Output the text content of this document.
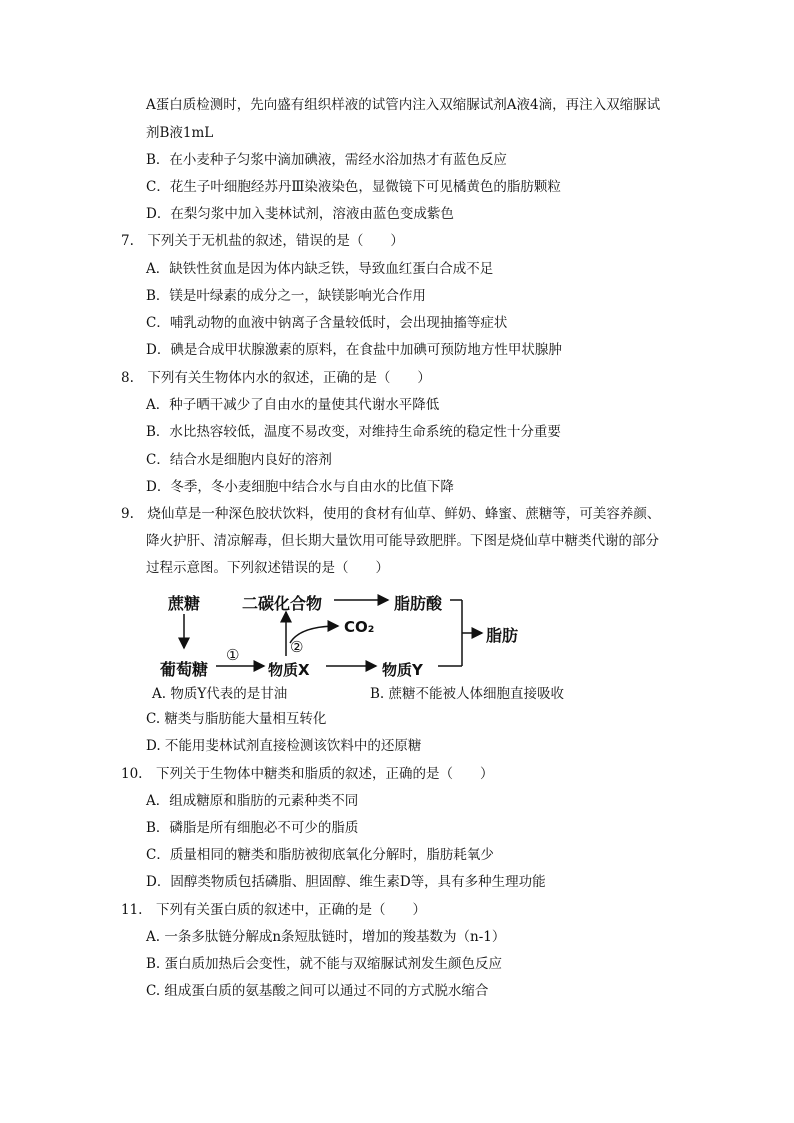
A蛋白质检测时，先向盛有组织样液的试管内注入双缩脲试剂A液4滴，再注入双缩脲试
剂B液1mL
B．在小麦种子匀浆中滴加碘液，需经水浴加热才有蓝色反应
C．花生子叶细胞经苏丹Ⅲ染液染色，显微镜下可见橘黄色的脂肪颗粒
D．在梨匀浆中加入斐林试剂，溶液由蓝色变成紫色
7.　下列关于无机盐的叙述，错误的是（　　）
A．缺铁性贫血是因为体内缺乏铁，导致血红蛋白合成不足
B．镁是叶绿素的成分之一，缺镁影响光合作用
C．哺乳动物的血液中钠离子含量较低时，会出现抽搐等症状
D．碘是合成甲状腺激素的原料，在食盐中加碘可预防地方性甲状腺肿
8.　下列有关生物体内水的叙述，正确的是（　　）
A．种子晒干减少了自由水的量使其代谢水平降低
B．水比热容较低，温度不易改变，对维持生命系统的稳定性十分重要
C．结合水是细胞内良好的溶剂
D．冬季，冬小麦细胞中结合水与自由水的比值下降
9.　烧仙草是一种深色胶状饮料，使用的食材有仙草、鲜奶、蜂蜜、蔗糖等，可美容养颜、
降火护肝、清凉解毒，但长期大量饮用可能导致肥胖。下图是烧仙草中糖类代谢的部分
过程示意图。下列叙述错误的是（　　）
蔗糖
葡萄糖
二碳化合物	脂肪酸
CO₂
物质X	物质Y
脂肪
①	②
A. 物质Y代表的是甘油	B. 蔗糖不能被人体细胞直接吸收
C. 糖类与脂肪能大量相互转化
D. 不能用斐林试剂直接检测该饮料中的还原糖
10.　下列关于生物体中糖类和脂质的叙述，正确的是（　　）
A．组成糖原和脂肪的元素种类不同
B．磷脂是所有细胞必不可少的脂质
C．质量相同的糖类和脂肪被彻底氧化分解时，脂肪耗氧少
D．固醇类物质包括磷脂、胆固醇、维生素D等，具有多种生理功能
11.　下列有关蛋白质的叙述中，正确的是（　　）
A. 一条多肽链分解成n条短肽链时，增加的羧基数为（n-1）
B. 蛋白质加热后会变性，就不能与双缩脲试剂发生颜色反应
C. 组成蛋白质的氨基酸之间可以通过不同的方式脱水缩合
